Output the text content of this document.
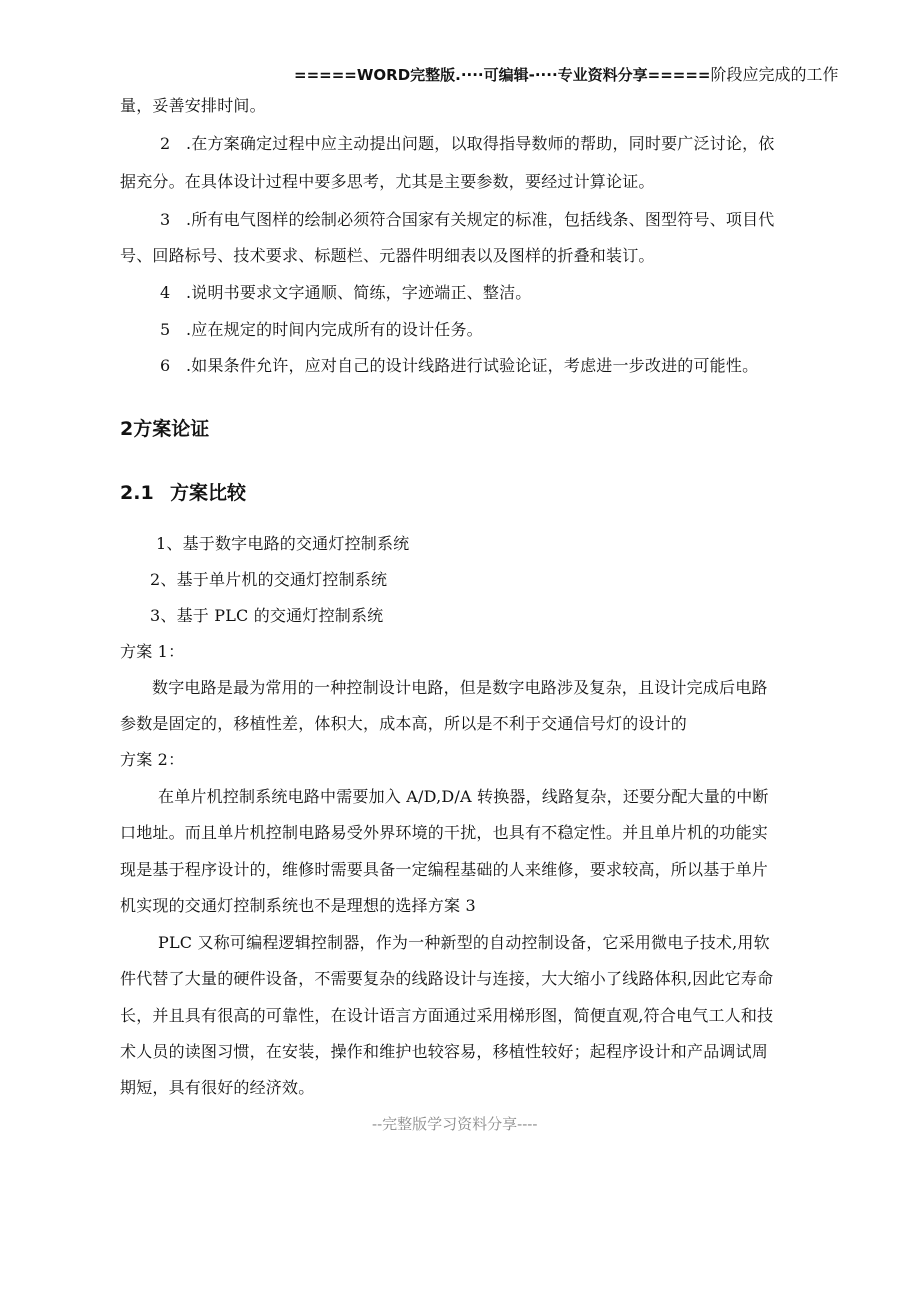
=====WORD完整版.····可编辑-····专业资料分享=====阶段应完成的工作
量，妥善安排时间。
2 .在方案确定过程中应主动提出问题，以取得指导数师的帮助，同时要广泛讨论，依
据充分。在具体设计过程中要多思考，尤其是主要参数，要经过计算论证。
3 .所有电气图样的绘制必须符合国家有关规定的标准，包括线条、图型符号、项目代
号、回路标号、技术要求、标题栏、元器件明细表以及图样的折叠和装订。
4 .说明书要求文字通顺、简练，字迹端正、整洁。
5 .应在规定的时间内完成所有的设计任务。
6 .如果条件允许，应对自己的设计线路进行试验论证，考虑进一步改进的可能性。
2方案论证
2.1 方案比较
1、基于数字电路的交通灯控制系统
2、基于单片机的交通灯控制系统
3、基于 PLC 的交通灯控制系统
方案 1：
数字电路是最为常用的一种控制设计电路，但是数字电路涉及复杂，且设计完成后电路
参数是固定的，移植性差，体积大，成本高，所以是不利于交通信号灯的设计的
方案 2：
在单片机控制系统电路中需要加入 A/D,D/A 转换器，线路复杂，还要分配大量的中断
口地址。而且单片机控制电路易受外界环境的干扰，也具有不稳定性。并且单片机的功能实
现是基于程序设计的，维修时需要具备一定编程基础的人来维修，要求较高，所以基于单片
机实现的交通灯控制系统也不是理想的选择方案 3
PLC 又称可编程逻辑控制器，作为一种新型的自动控制设备，它采用微电子技术,用软
件代替了大量的硬件设备，不需要复杂的线路设计与连接，大大缩小了线路体积,因此它寿命
长，并且具有很高的可靠性，在设计语言方面通过采用梯形图，简便直观,符合电气工人和技
术人员的读图习惯，在安装，操作和维护也较容易，移植性较好；起程序设计和产品调试周
期短，具有很好的经济效。
--完整版学习资料分享----
